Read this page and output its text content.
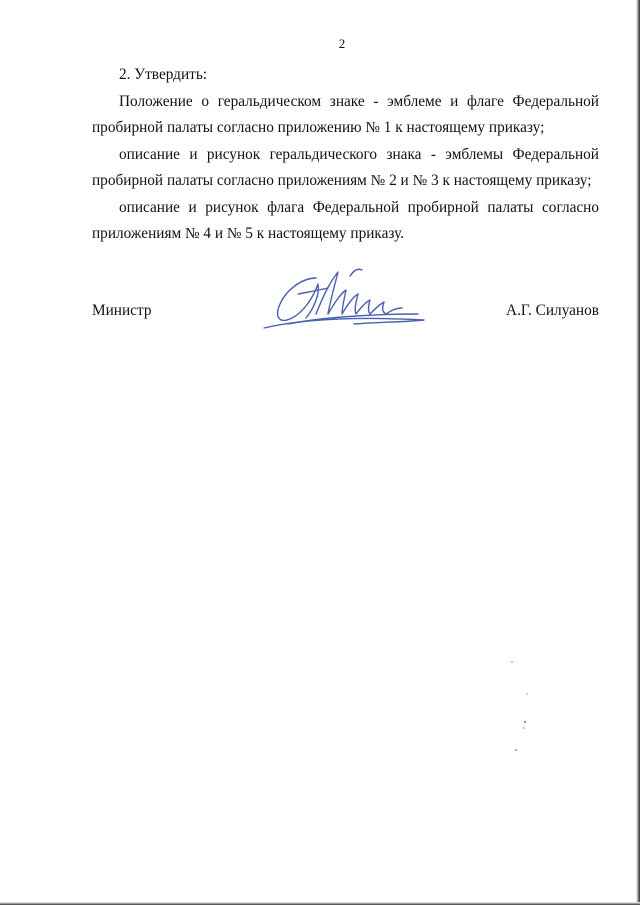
2

2. Утвердить:

Положение о геральдическом знаке - эмблеме и флаге Федеральной пробирной палаты согласно приложению № 1 к настоящему приказу;

описание и рисунок геральдического знака - эмблемы Федеральной пробирной палаты согласно приложениям № 2 и № 3 к настоящему приказу;

описание и рисунок флага Федеральной пробирной палаты согласно приложениям № 4 и № 5 к настоящему приказу.

Министр	А.Г. Силуанов
